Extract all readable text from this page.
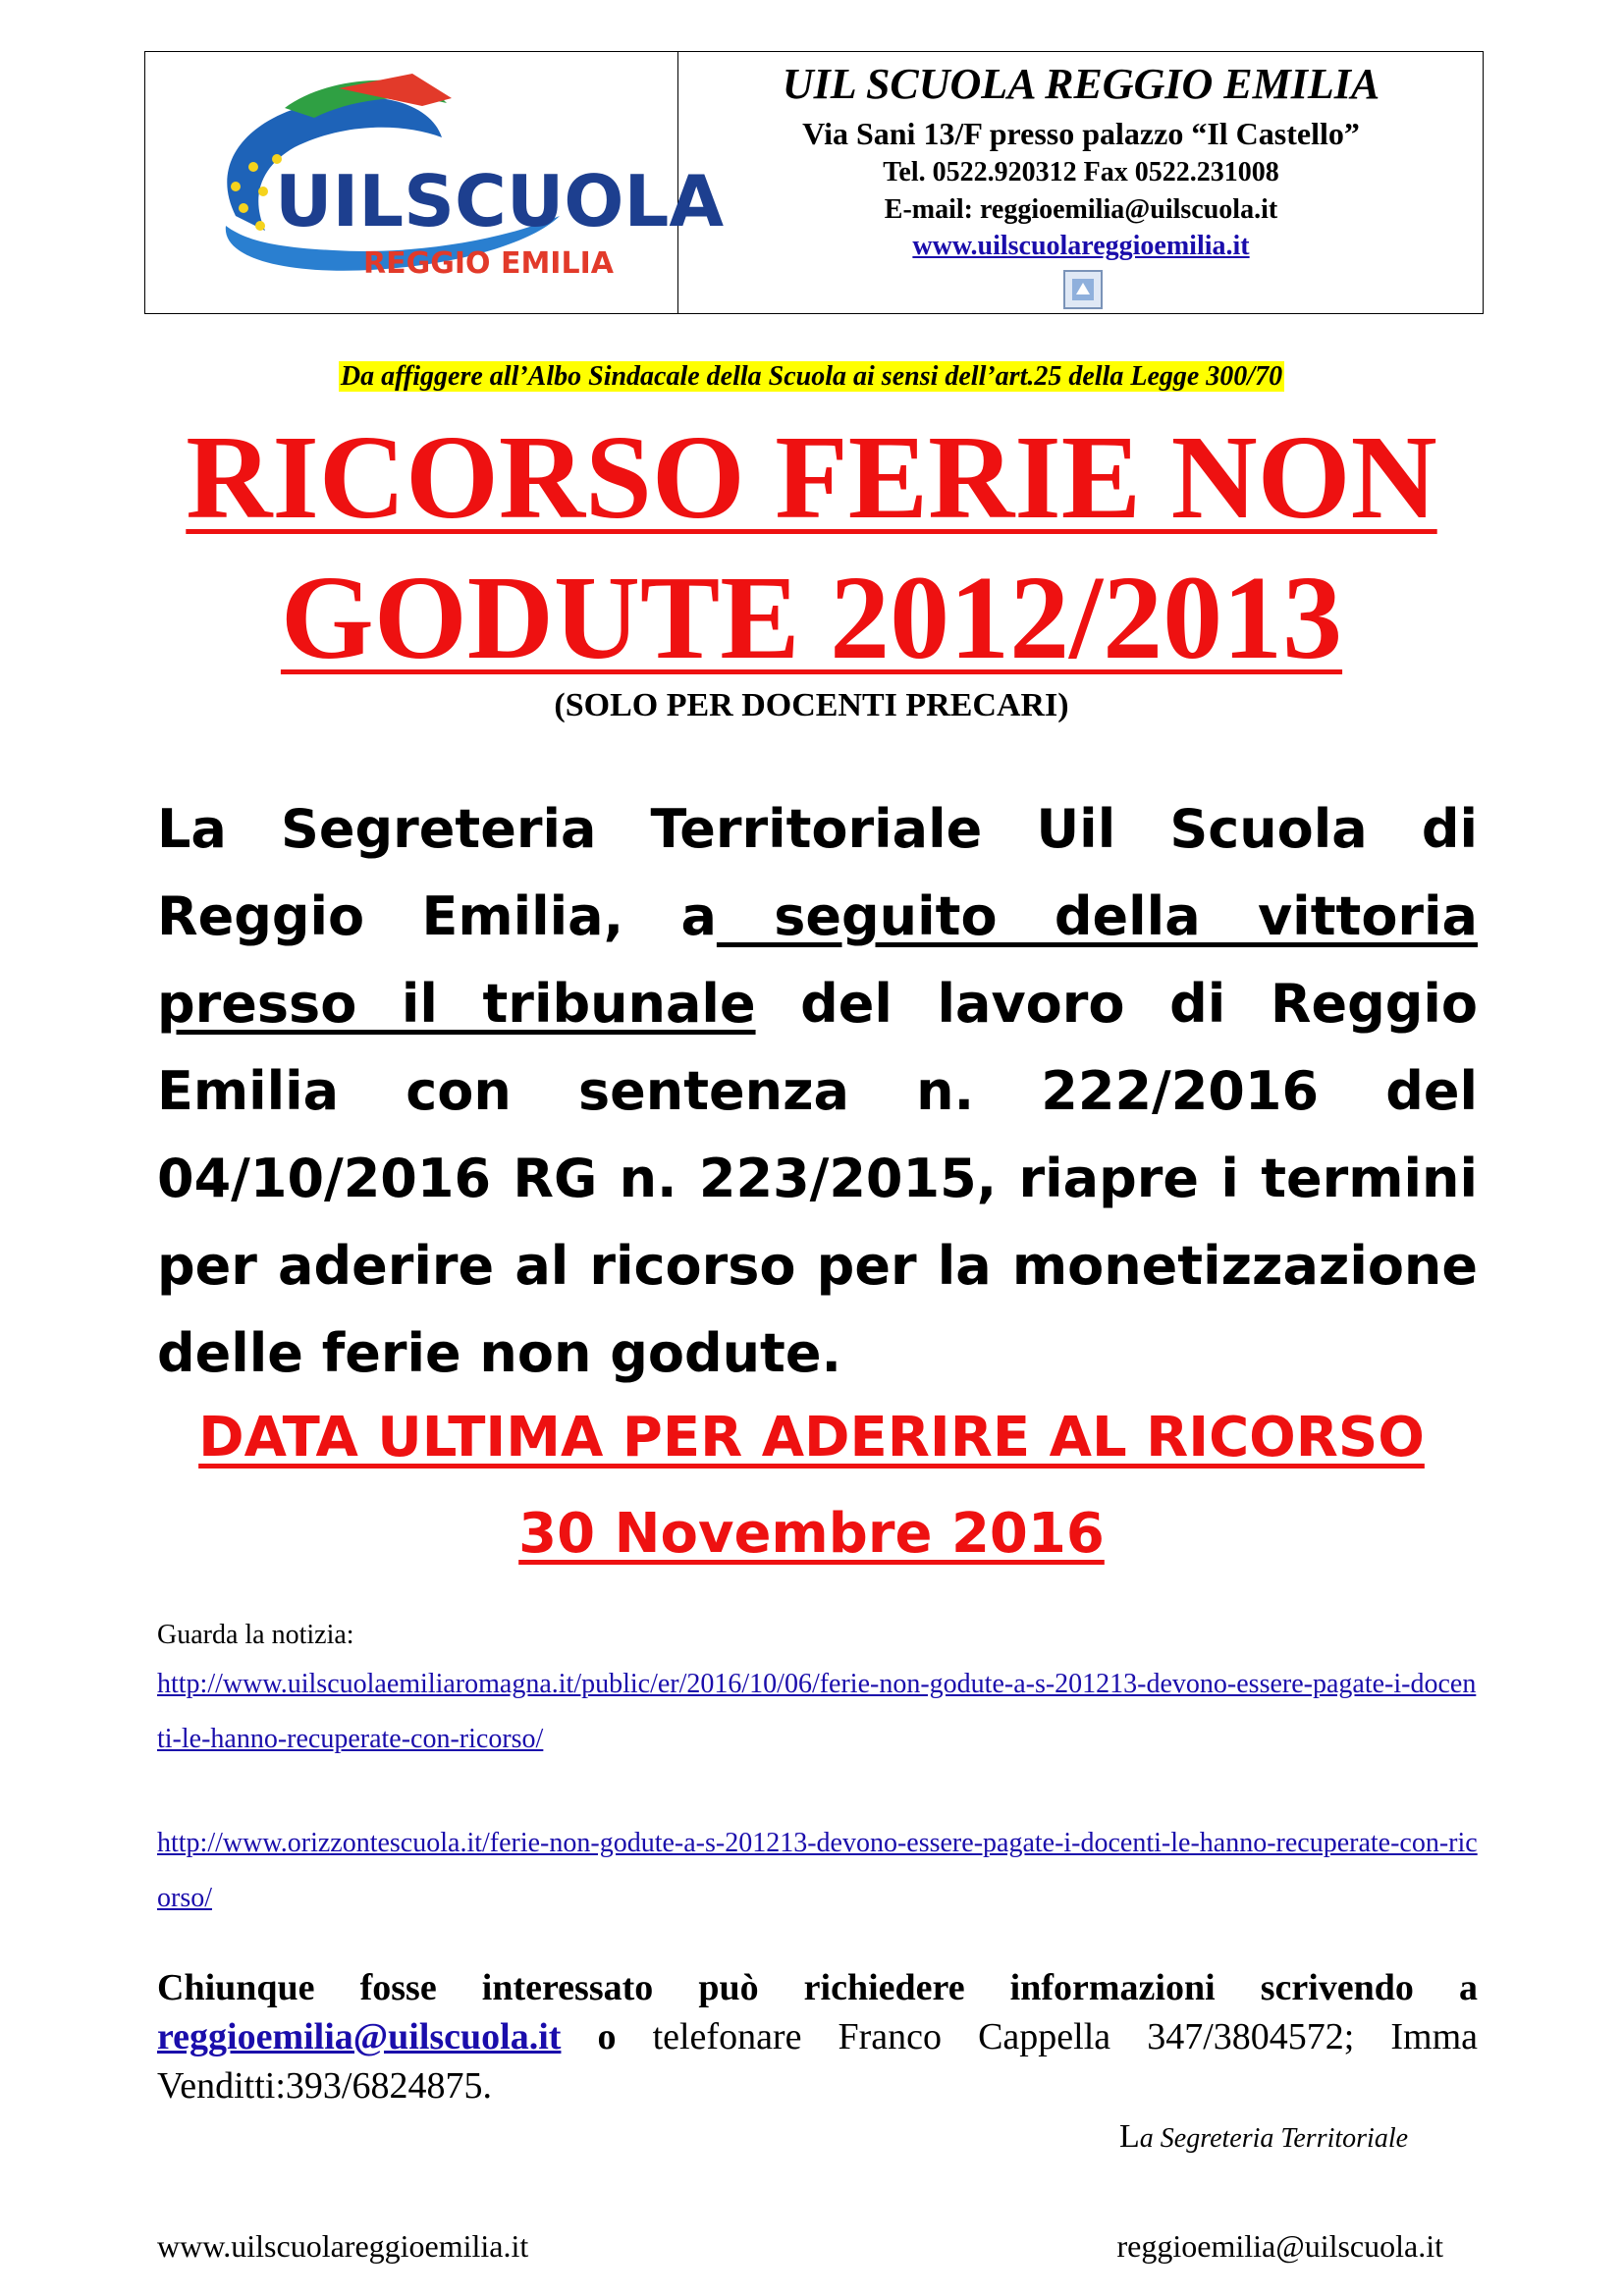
UILSCUOLA
REGGIO EMILIA
UIL SCUOLA REGGIO EMILIA
Via Sani 13/F presso palazzo “Il Castello”
Tel. 0522.920312 Fax 0522.231008
E-mail: reggioemilia@uilscuola.it
www.uilscuolareggioemilia.it
Da affiggere all’Albo Sindacale della Scuola ai sensi dell’art.25 della Legge 300/70
RICORSO FERIE NON
GODUTE 2012/2013
(SOLO PER DOCENTI PRECARI)
La Segreteria Territoriale Uil Scuola di Reggio Emilia, a seguito della vittoria presso il tribunale del lavoro di Reggio Emilia con sentenza n. 222/2016 del 04/10/2016 RG n. 223/2015, riapre i termini per aderire al ricorso per la monetizzazione delle ferie non godute.
DATA ULTIMA PER ADERIRE AL RICORSO
30 Novembre 2016
Guarda la notizia:
http://www.uilscuolaemiliaromagna.it/public/er/2016/10/06/ferie-non-godute-a-s-201213-devono-essere-pagate-i-docenti-le-hanno-recuperate-con-ricorso/
http://www.orizzontescuola.it/ferie-non-godute-a-s-201213-devono-essere-pagate-i-docenti-le-hanno-recuperate-con-ricorso/
Chiunque fosse interessato può richiedere informazioni scrivendo a reggioemilia@uilscuola.it o telefonare Franco Cappella 347/3804572; Imma Venditti:393/6824875.
La Segreteria Territoriale
www.uilscuolareggioemilia.it	reggioemilia@uilscuola.it
